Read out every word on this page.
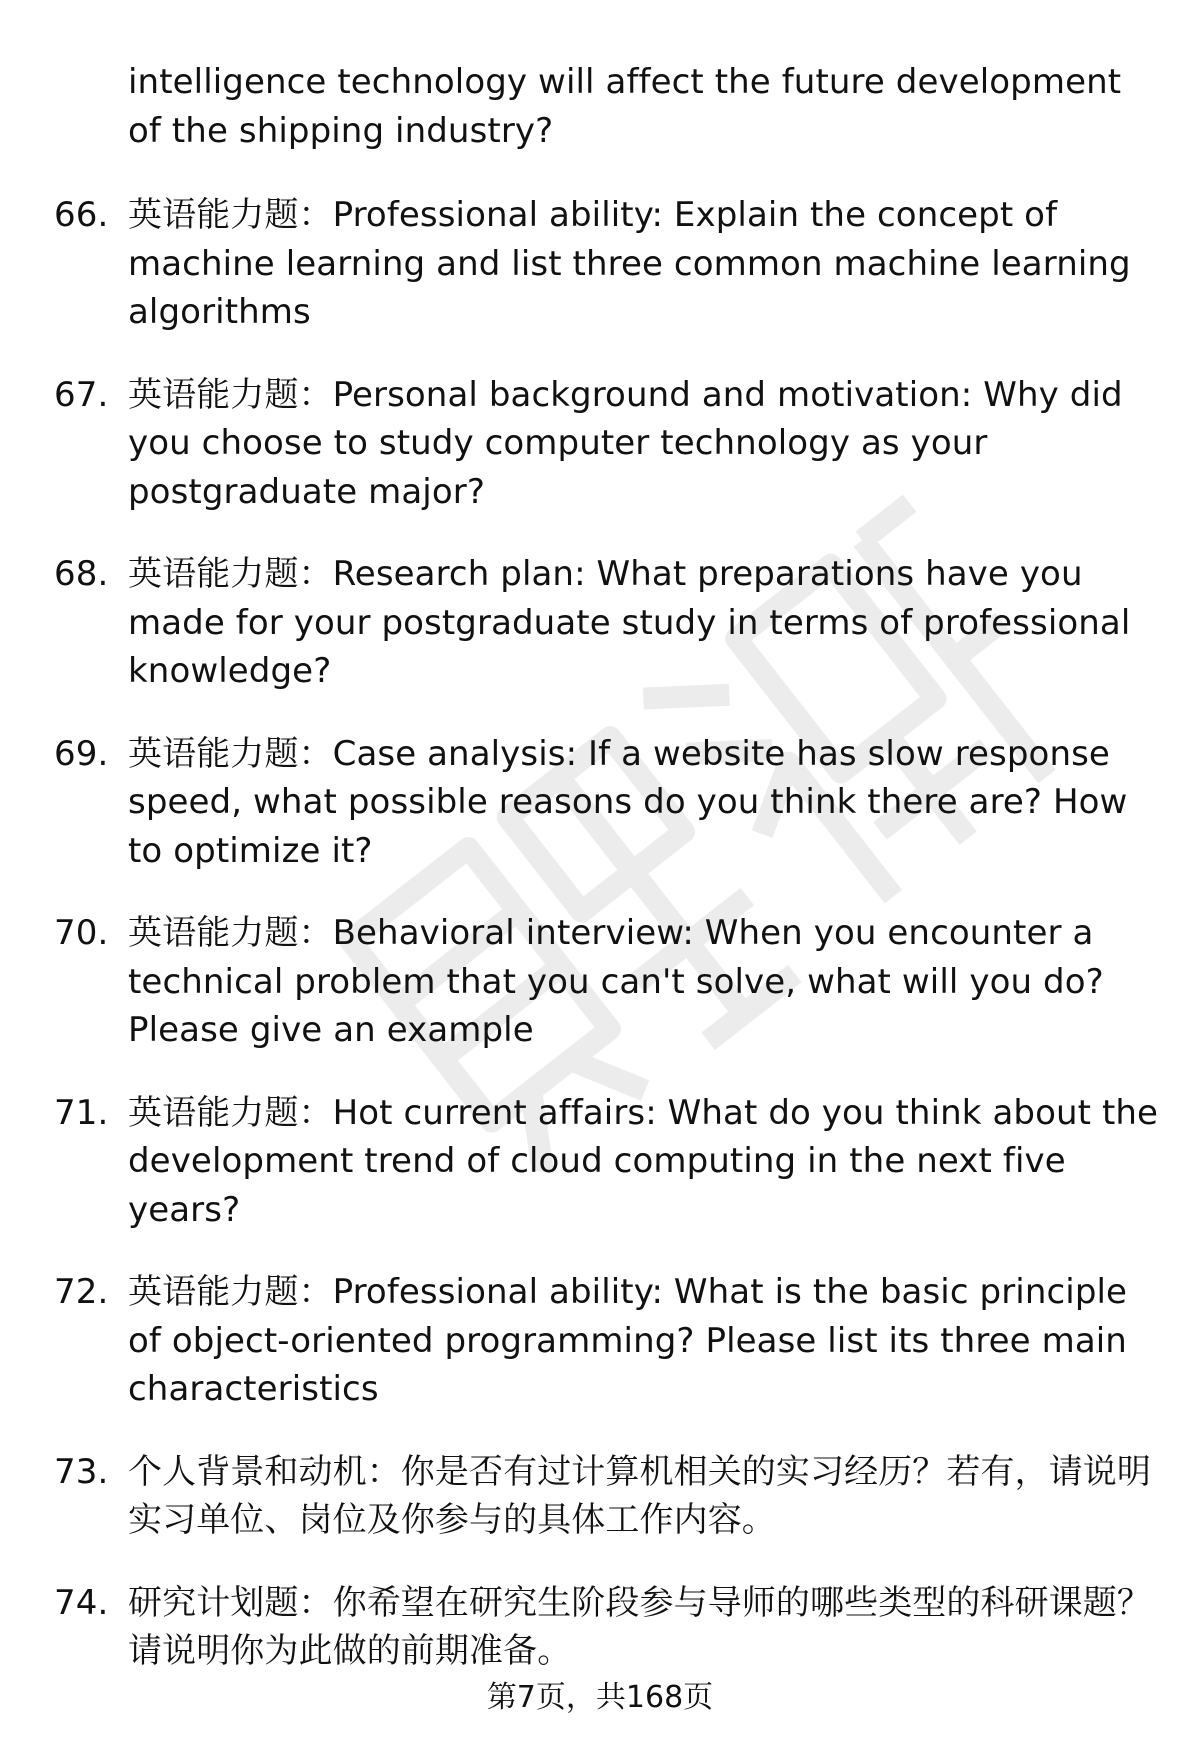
intelligence technology will affect the future development of the shipping industry?
66. 英语能力题：Professional ability: Explain the concept of machine learning and list three common machine learning algorithms
67. 英语能力题：Personal background and motivation: Why did you choose to study computer technology as your postgraduate major?
68. 英语能力题：Research plan: What preparations have you made for your postgraduate study in terms of professional knowledge?
69. 英语能力题：Case analysis: If a website has slow response speed, what possible reasons do you think there are? How to optimize it?
70. 英语能力题：Behavioral interview: When you encounter a technical problem that you can't solve, what will you do? Please give an example
71. 英语能力题：Hot current affairs: What do you think about the development trend of cloud computing in the next five years?
72. 英语能力题：Professional ability: What is the basic principle of object-oriented programming? Please list its three main characteristics
73. 个人背景和动机：你是否有过计算机相关的实习经历？若有，请说明实习单位、岗位及你参与的具体工作内容。
74. 研究计划题：你希望在研究生阶段参与导师的哪些类型的科研课题？请说明你为此做的前期准备。
第7页，共168页
